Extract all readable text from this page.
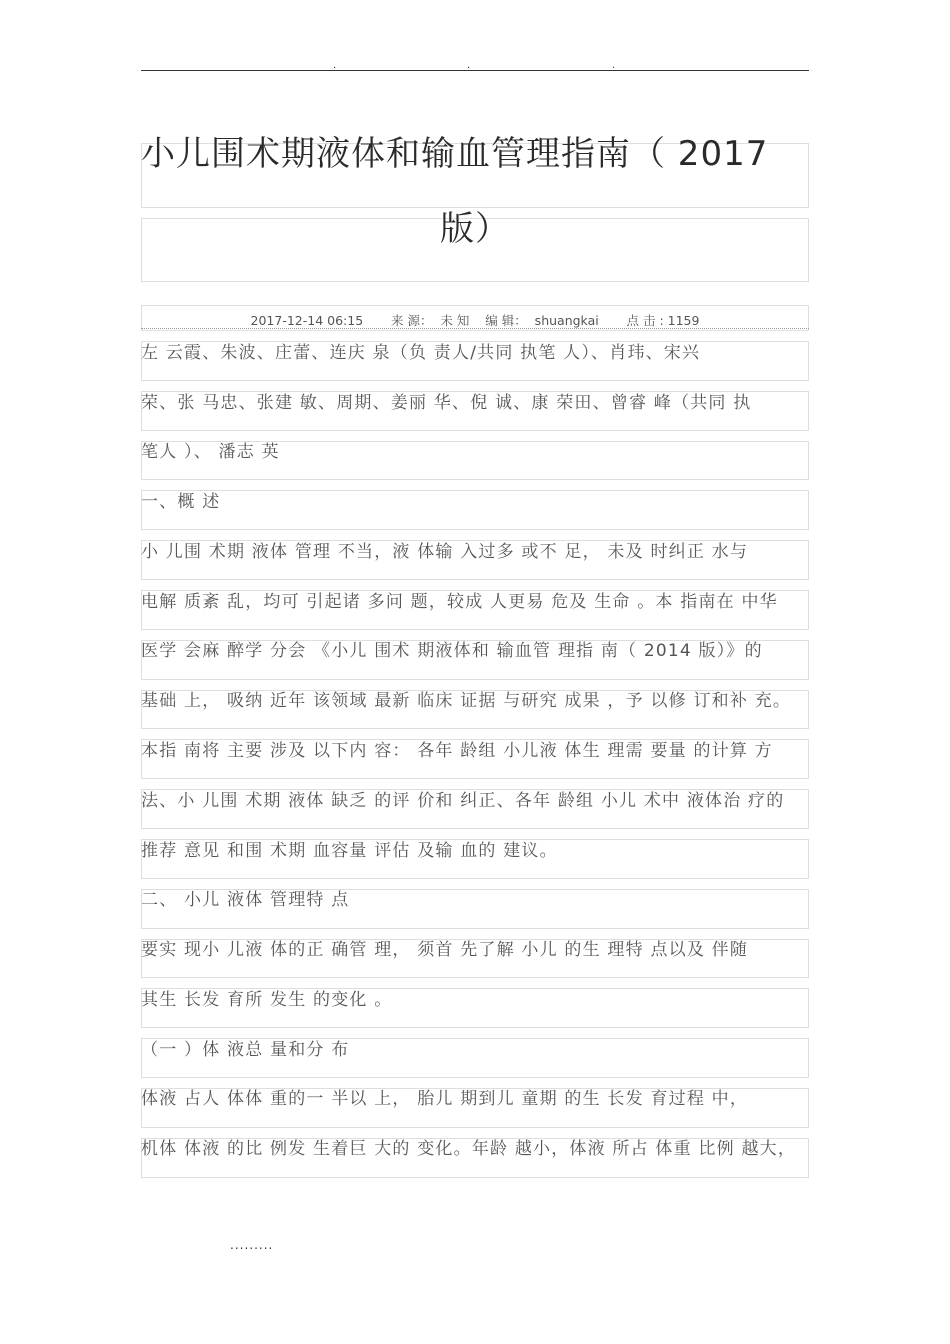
.	.	.
小儿围术期液体和输血管理指南（ 2017
版）
2017-12-14 06:15       来 源：  未 知    编 辑：  shuangkai       点 击 : 1159
左 云霞、朱波、庄蕾、连庆 泉（负 责人/共同 执笔 人）、肖玮、宋兴
荣、张 马忠、张建 敏、周期、姜丽 华、倪 诚、康 荣田、曾睿 峰（共同 执
笔人 ）、 潘志 英
一、概 述
小 儿围 术期 液体 管理 不当，液 体输 入过多 或不 足， 未及 时纠正 水与
电解 质紊 乱，均可 引起诸 多问 题，较成 人更易 危及 生命 。本 指南在 中华
医学 会麻 醉学 分会 《小儿 围术 期液体和 输血管 理指 南（ 2014 版）》的
基础 上， 吸纳 近年 该领域 最新 临床 证据 与研究 成果 ，予 以修 订和补 充。
本指 南将 主要 涉及 以下内 容： 各年 龄组 小儿液 体生 理需 要量 的计算 方
法、小 儿围 术期 液体 缺乏 的评 价和 纠正、各年 龄组 小儿 术中 液体治 疗的
推荐 意见 和围 术期 血容量 评估 及输 血的 建议。
二、 小儿 液体 管理特 点
要实 现小 儿液 体的正 确管 理， 须首 先了解 小儿 的生 理特 点以及 伴随
其生 长发 育所 发生 的变化 。
（一 ）体 液总 量和分 布
体液 占人 体体 重的一 半以 上， 胎儿 期到儿 童期 的生 长发 育过程 中，
机体 体液 的比 例发 生着巨 大的 变化。年龄 越小，体液 所占 体重 比例 越大，
.........
